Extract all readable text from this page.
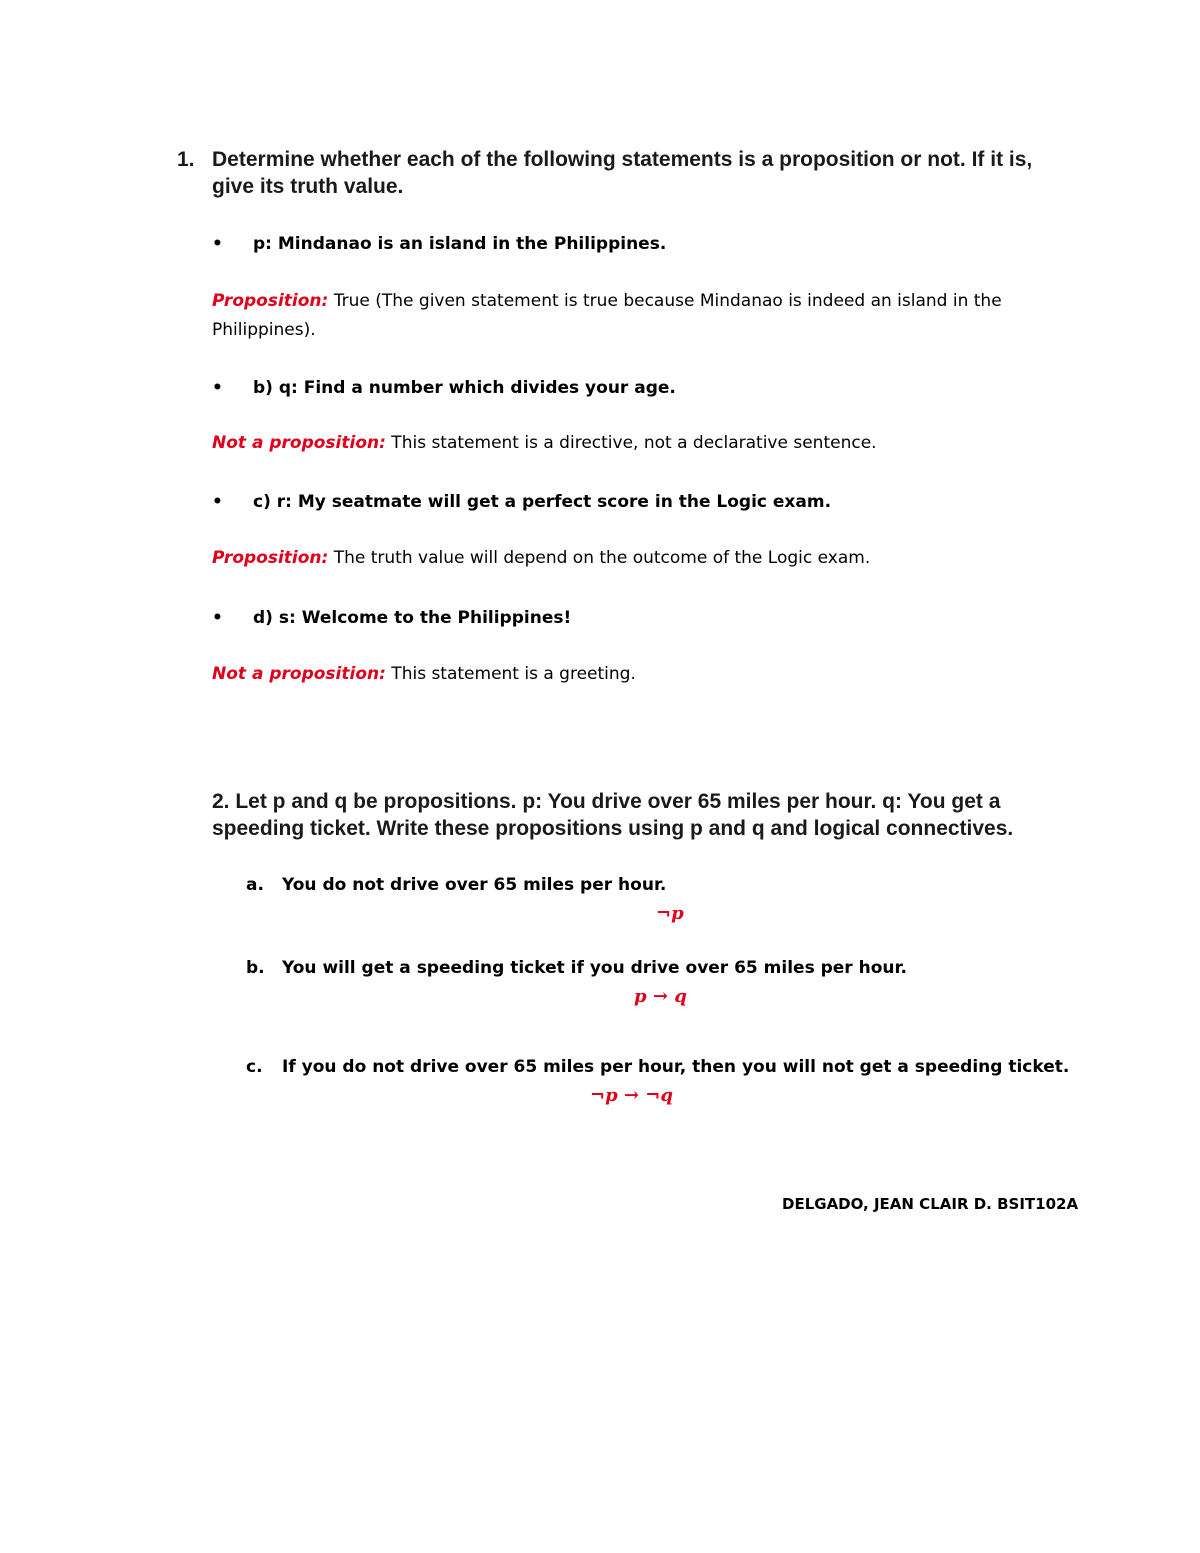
1. Determine whether each of the following statements is a proposition or not. If it is, give its truth value.
• p: Mindanao is an island in the Philippines.
Proposition: True (The given statement is true because Mindanao is indeed an island in the Philippines).
• b) q: Find a number which divides your age.
Not a proposition: This statement is a directive, not a declarative sentence.
• c) r: My seatmate will get a perfect score in the Logic exam.
Proposition: The truth value will depend on the outcome of the Logic exam.
• d) s: Welcome to the Philippines!
Not a proposition: This statement is a greeting.
2. Let p and q be propositions. p: You drive over 65 miles per hour. q: You get a speeding ticket. Write these propositions using p and q and logical connectives.
a. You do not drive over 65 miles per hour.
¬p
b. You will get a speeding ticket if you drive over 65 miles per hour.
p → q
c. If you do not drive over 65 miles per hour, then you will not get a speeding ticket.
¬p → ¬q
DELGADO, JEAN CLAIR D. BSIT102A
